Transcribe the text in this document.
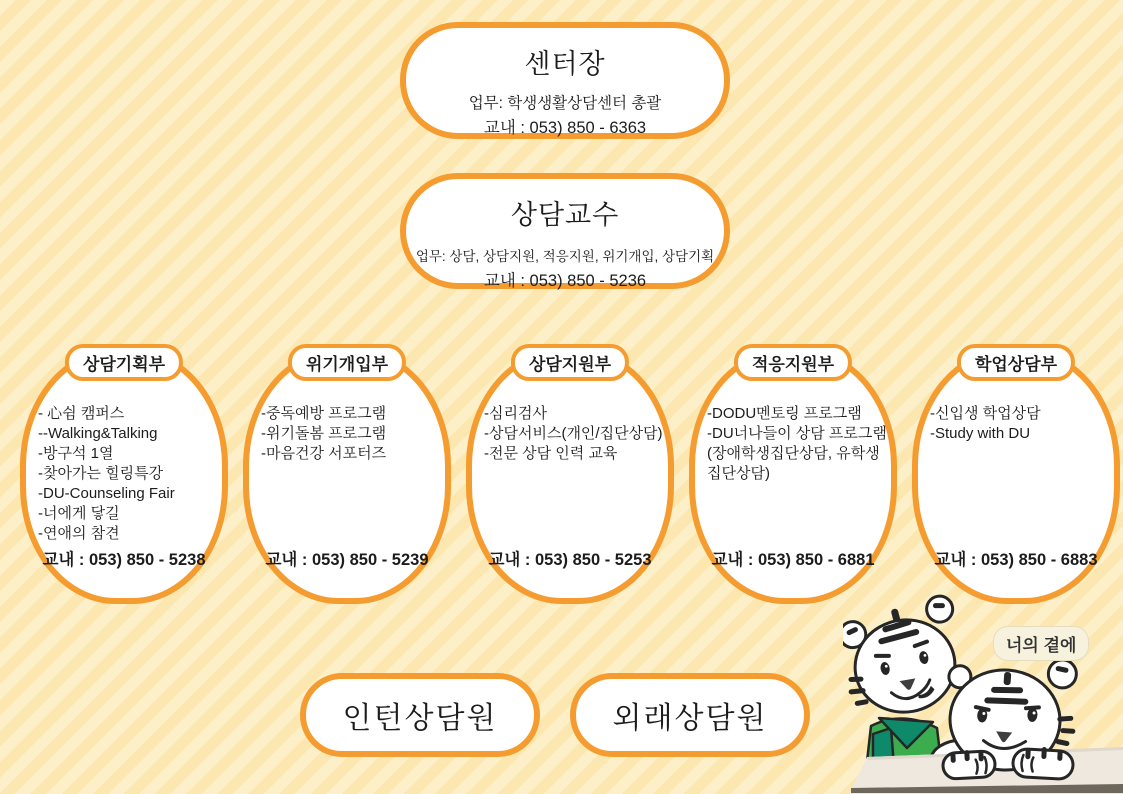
센터장
업무: 학생생활상담센터 총괄
교내 : 053) 850 - 6363
상담교수
업무: 상담, 상담지원, 적응지원, 위기개입, 상담기획
교내 : 053) 850 - 5236
상담기획부
- 心쉼 캠퍼스
--Walking&Talking
-방구석 1열
-찾아가는 힐링특강
-DU-Counseling Fair
-너에게 닿길
-연애의 참견
교내 : 053) 850 - 5238
위기개입부
-중독예방 프로그램
-위기돌봄 프로그램
-마음건강 서포터즈
교내 : 053) 850 - 5239
상담지원부
-심리검사
-상담서비스(개인/집단상담)
-전문 상담 인력 교육
교내 : 053) 850 - 5253
적응지원부
-DODU멘토링 프로그램
-DU너나들이 상담 프로그램
(장애학생집단상담, 유학생
집단상담)
교내 : 053) 850 - 6881
학업상담부
-신입생 학업상담
-Study with DU
교내 : 053) 850 - 6883
인턴상담원	외래상담원
너의 곁에
